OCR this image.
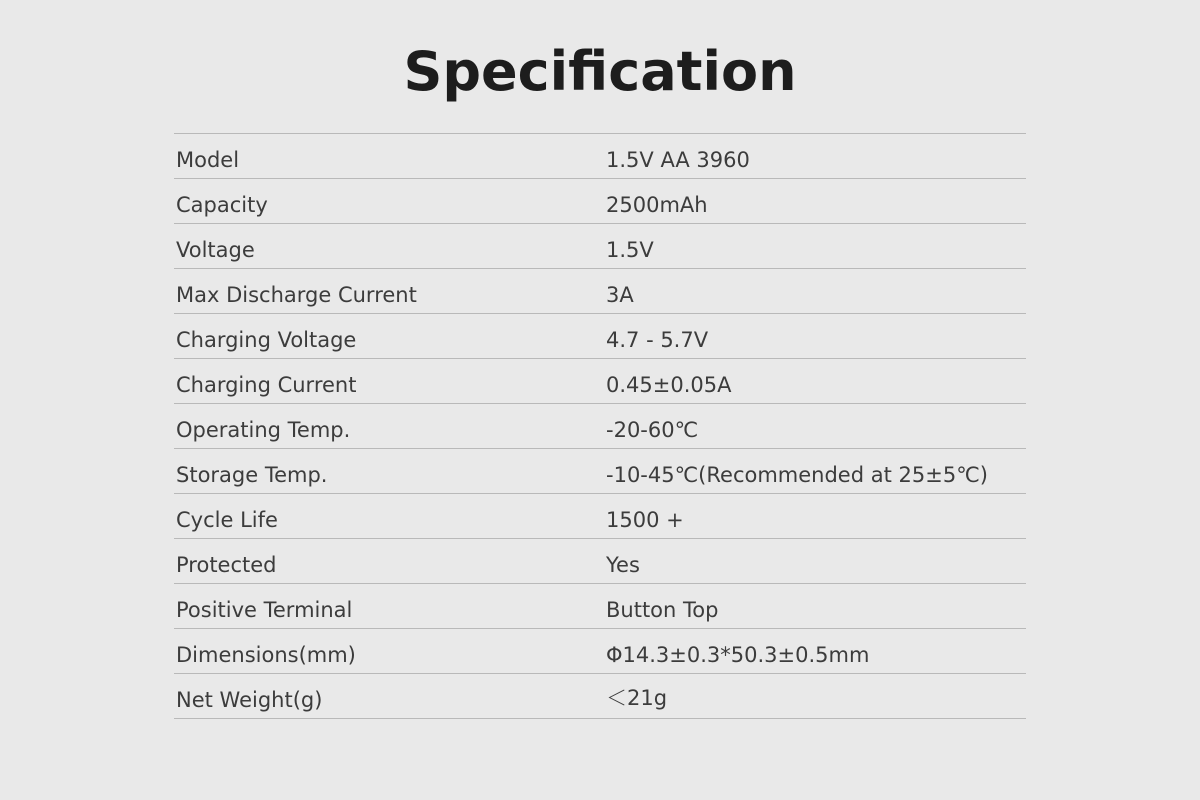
Specification
Model	1.5V AA 3960
Capacity	2500mAh
Voltage	1.5V
Max Discharge Current	3A
Charging Voltage	4.7 - 5.7V
Charging Current	0.45±0.05A
Operating Temp.	-20-60℃
Storage Temp.	-10-45℃(Recommended at 25±5℃)
Cycle Life	1500 +
Protected	Yes
Positive Terminal	Button Top
Dimensions(mm)	Φ14.3±0.3*50.3±0.5mm
Net Weight(g)	＜21g
